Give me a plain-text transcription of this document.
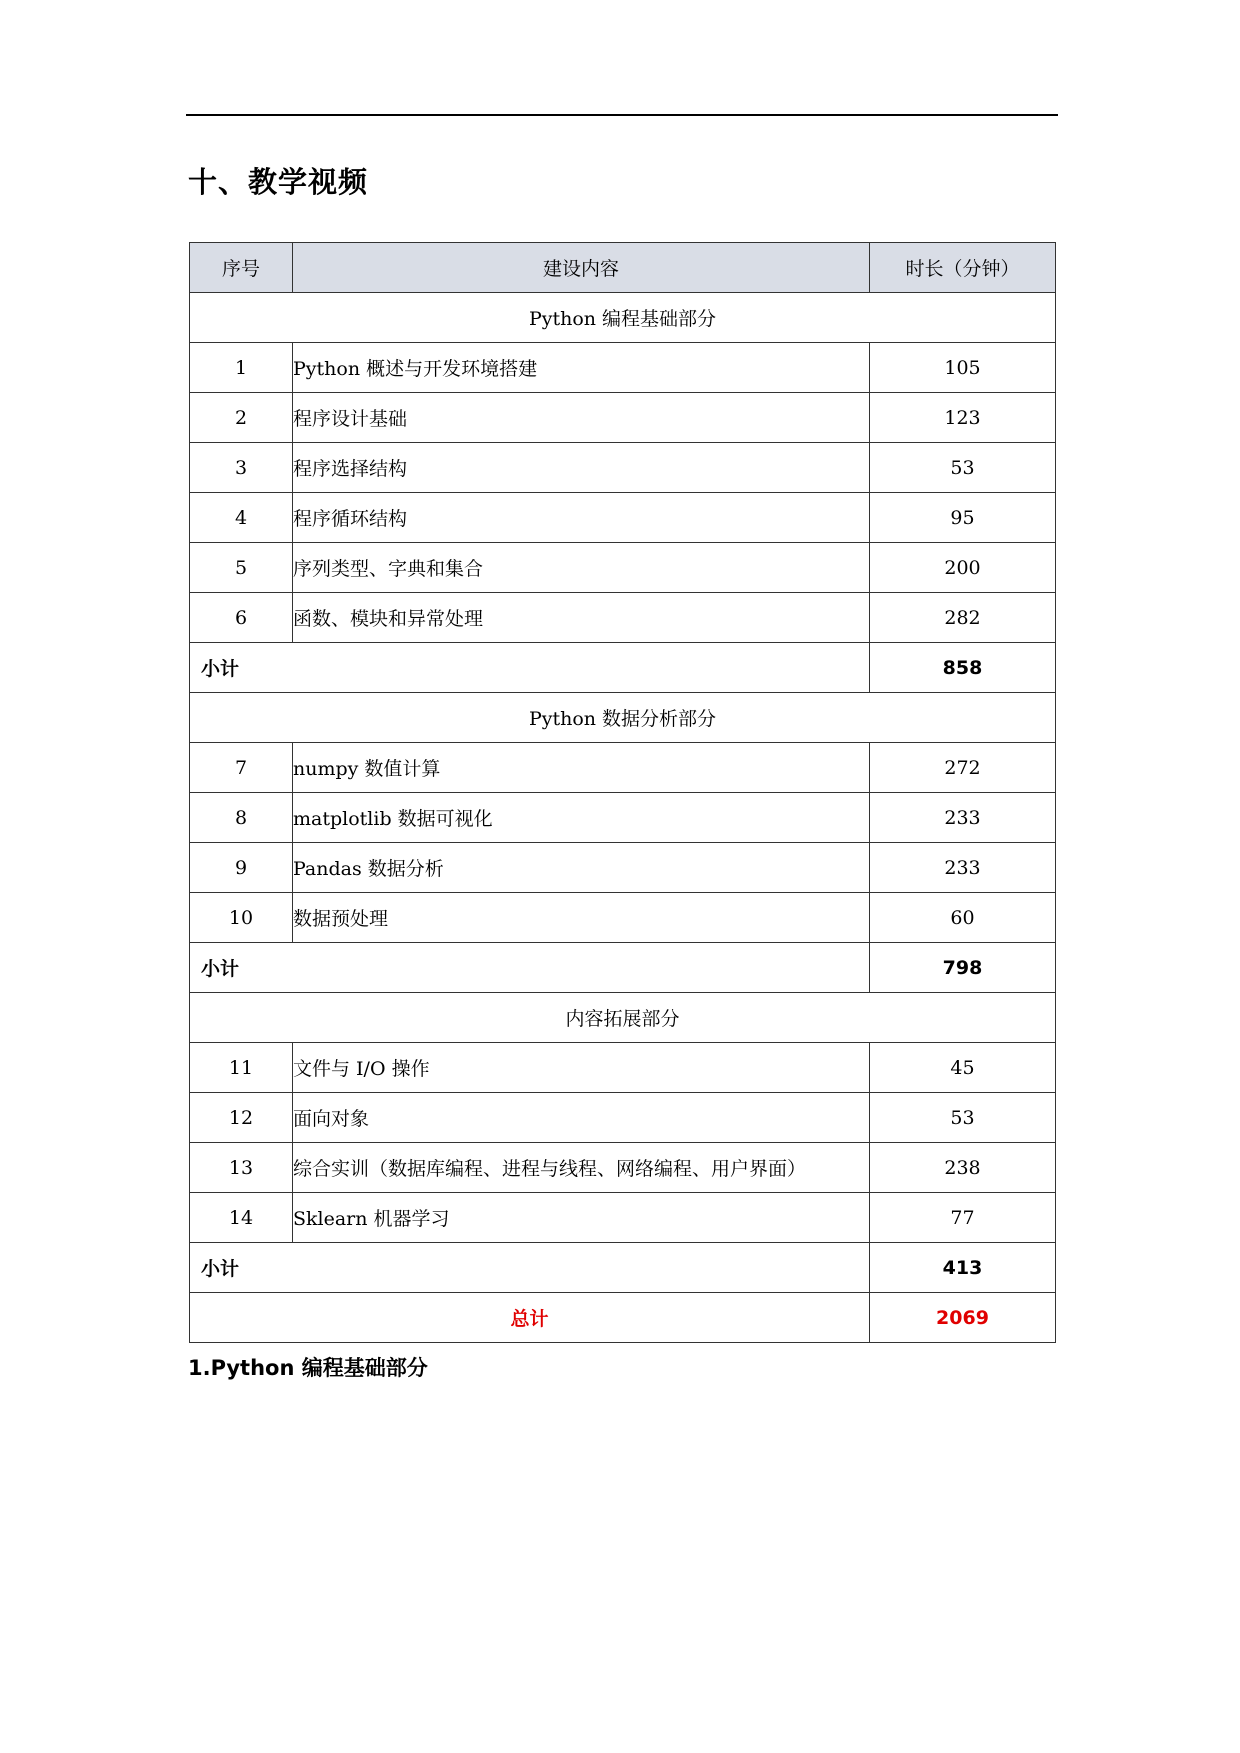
十、教学视频
序号	建设内容	时长（分钟）
Python 编程基础部分		
1	Python 概述与开发环境搭建	105
2	程序设计基础	123
3	程序选择结构	53
4	程序循环结构	95
5	序列类型、字典和集合	200
6	函数、模块和异常处理	282
小计		858
Python 数据分析部分		
7	numpy 数值计算	272
8	matplotlib 数据可视化	233
9	Pandas 数据分析	233
10	数据预处理	60
小计		798
内容拓展部分		
11	文件与 I/O 操作	45
12	面向对象	53
13	综合实训（数据库编程、进程与线程、网络编程、用户界面）	238
14	Sklearn 机器学习	77
小计		413
总计		2069
1.Python 编程基础部分
